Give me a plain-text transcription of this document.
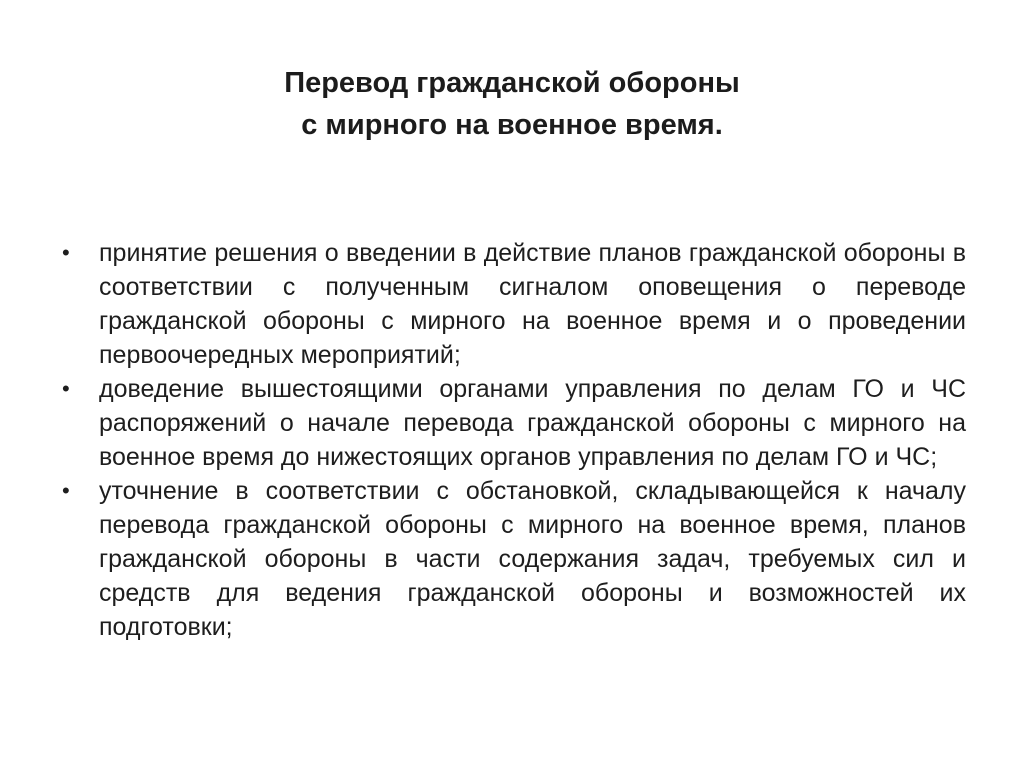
Перевод гражданской обороны
с мирного на военное время.
• принятие решения о введении в действие планов гражданской обороны в соответствии с полученным сигналом оповещения о переводе гражданской обороны с мирного на военное время и о проведении первоочередных мероприятий;
• доведение вышестоящими органами управления по делам ГО и ЧС распоряжений о начале перевода гражданской обороны с мирного на военное время до нижестоящих органов управления по делам ГО и ЧС;
• уточнение в соответствии с обстановкой, складывающейся к началу перевода гражданской обороны с мирного на военное время, планов гражданской обороны в части содержания задач, требуемых сил и средств для ведения гражданской обороны и возможностей их подготовки;
